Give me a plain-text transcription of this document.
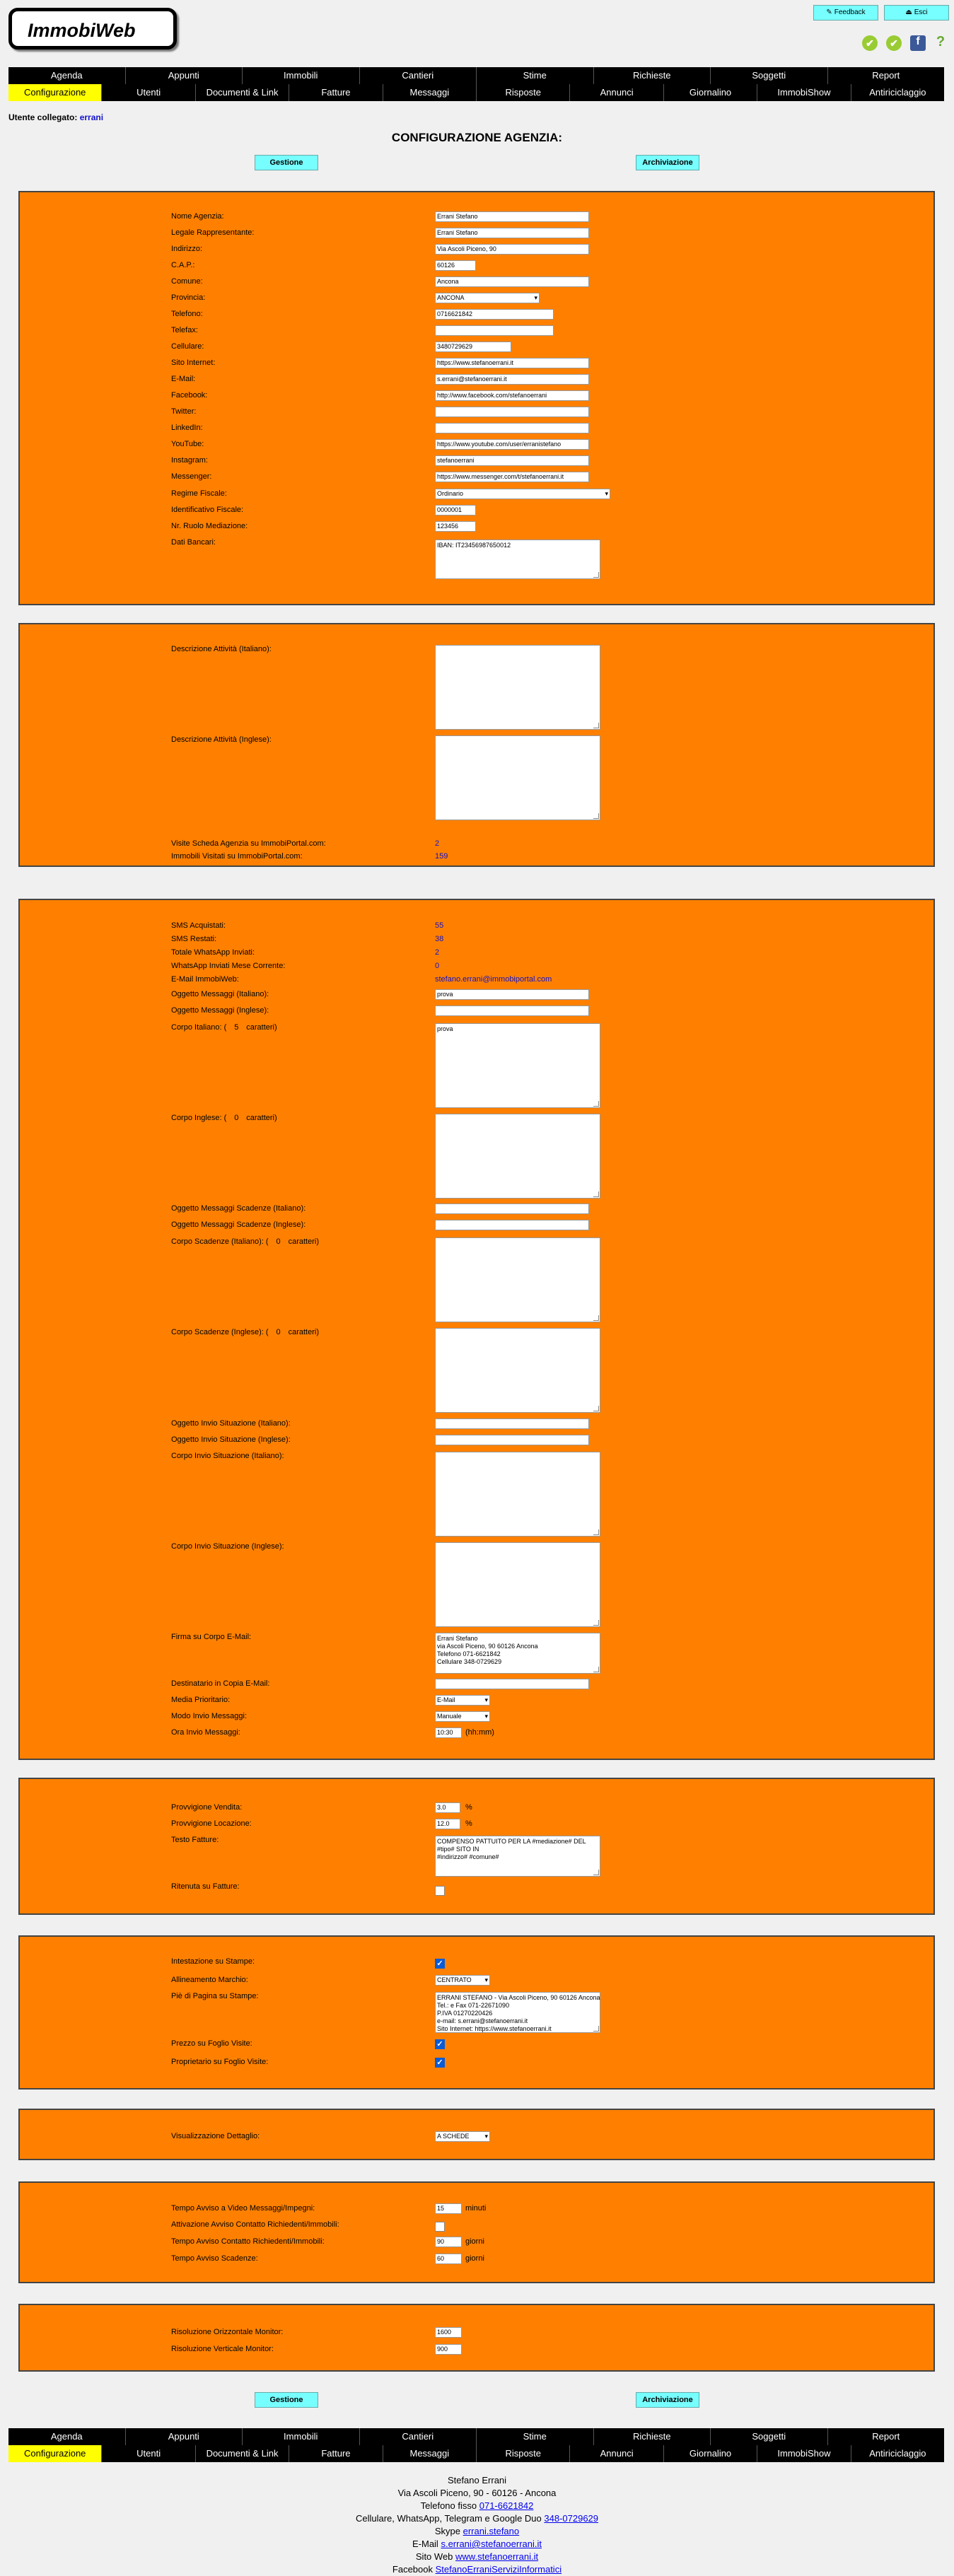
ImmobiWeb
✎ Feedback	⏏ Esci
✔	✔	f	?
Agenda	Appunti	Immobili	Cantieri	Stime	Richieste	Soggetti	Report
Configurazione	Utenti	Documenti & Link	Fatture	Messaggi	Risposte	Annunci	Giornalino	ImmobiShow	Antiriciclaggio
Utente collegato: errani
CONFIGURAZIONE AGENZIA:
Gestione	Archiviazione
Nome Agenzia:	Errani Stefano
Legale Rappresentante:	Errani Stefano
Indirizzo:	Via Ascoli Piceno, 90
C.A.P.:	60126
Comune:	Ancona
Provincia:	ANCONA ▾
Telefono:	0716621842
Telefax:
Cellulare:	3480729629
Sito Internet:	https://www.stefanoerrani.it
E-Mail:	s.errani@stefanoerrani.it
Facebook:	http://www.facebook.com/stefanoerrani
Twitter:
LinkedIn:
YouTube:	https://www.youtube.com/user/erranistefano
Instagram:	stefanoerrani
Messenger:	https://www.messenger.com/t/stefanoerrani.it
Regime Fiscale:	Ordinario ▾
Identificativo Fiscale:	0000001
Nr. Ruolo Mediazione:	123456
Dati Bancari:	IBAN: IT23456987650012
Descrizione Attività (Italiano):
Descrizione Attività (Inglese):
Visite Scheda Agenzia su ImmobiPortal.com:	2
Immobili Visitati su ImmobiPortal.com:	159
SMS Acquistati:	55
SMS Restati:	38
Totale WhatsApp Inviati:	2
WhatsApp Inviati Mese Corrente:	0
E-Mail ImmobiWeb:	stefano.errani@immobiportal.com
Oggetto Messaggi (Italiano):	prova
Oggetto Messaggi (Inglese):
Corpo Italiano: ( 5 caratteri)	prova
Corpo Inglese: ( 0 caratteri)
Oggetto Messaggi Scadenze (Italiano):
Oggetto Messaggi Scadenze (Inglese):
Corpo Scadenze (Italiano): ( 0 caratteri)
Corpo Scadenze (Inglese): ( 0 caratteri)
Oggetto Invio Situazione (Italiano):
Oggetto Invio Situazione (Inglese):
Corpo Invio Situazione (Italiano):
Corpo Invio Situazione (Inglese):
Firma su Corpo E-Mail:	Errani Stefano
via Ascoli Piceno, 90 60126 Ancona
Telefono 071-6621842
Cellulare 348-0729629
Destinatario in Copia E-Mail:
Media Prioritario:	E-Mail ▾
Modo Invio Messaggi:	Manuale ▾
Ora Invio Messaggi:	10:30	(hh:mm)
Provvigione Vendita:	3.0	%
Provvigione Locazione:	12.0	%
Testo Fatture:	COMPENSO PATTUITO PER LA #mediazione# DEL #tipo# SITO IN
#indirizzo# #comune#
Ritenuta su Fatture:
Intestazione su Stampe:	✓
Allineamento Marchio:	CENTRATO ▾
Piè di Pagina su Stampe:	ERRANI STEFANO - Via Ascoli Piceno, 90 60126 Ancona
Tel.: e Fax 071-22671090
P.IVA 01270220426
e-mail: s.errani@stefanoerrani.it
Sito Internet: https://www.stefanoerrani.it
Prezzo su Foglio Visite:	✓
Proprietario su Foglio Visite:	✓
Visualizzazione Dettaglio:	A SCHEDE ▾
Tempo Avviso a Video Messaggi/Impegni:	15	minuti
Attivazione Avviso Contatto Richiedenti/Immobili:
Tempo Avviso Contatto Richiedenti/Immobili:	90	giorni
Tempo Avviso Scadenze:	60	giorni
Risoluzione Orizzontale Monitor:	1600
Risoluzione Verticale Monitor:	900
Gestione	Archiviazione
Agenda	Appunti	Immobili	Cantieri	Stime	Richieste	Soggetti	Report
Configurazione	Utenti	Documenti & Link	Fatture	Messaggi	Risposte	Annunci	Giornalino	ImmobiShow	Antiriciclaggio
Stefano Errani
Via Ascoli Piceno, 90 - 60126 - Ancona
Telefono fisso 071-6621842
Cellulare, WhatsApp, Telegram e Google Duo 348-0729629
Skype errani.stefano
E-Mail s.errani@stefanoerrani.it
Sito Web www.stefanoerrani.it
Facebook StefanoErraniServiziInformatici
